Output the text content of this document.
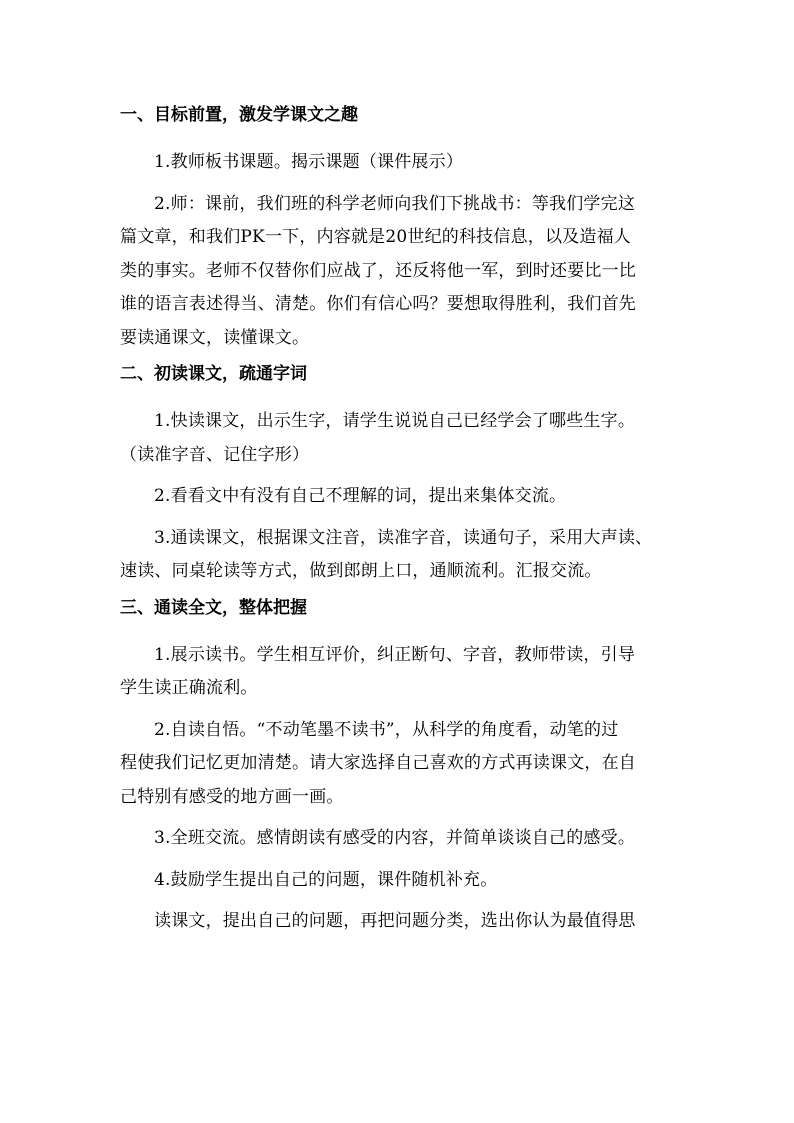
一、目标前置，激发学课文之趣
1.教师板书课题。揭示课题（课件展示）
2.师：课前，我们班的科学老师向我们下挑战书：等我们学完这
篇文章，和我们PK一下，内容就是20世纪的科技信息，以及造福人
类的事实。老师不仅替你们应战了，还反将他一军，到时还要比一比
谁的语言表述得当、清楚。你们有信心吗？要想取得胜利，我们首先
要读通课文，读懂课文。
二、初读课文，疏通字词
1.快读课文，出示生字，请学生说说自己已经学会了哪些生字。
（读准字音、记住字形）
2.看看文中有没有自己不理解的词，提出来集体交流。
3.通读课文，根据课文注音，读准字音，读通句子，采用大声读、
速读、同桌轮读等方式，做到郎朗上口，通顺流利。汇报交流。
三、通读全文，整体把握
1.展示读书。学生相互评价，纠正断句、字音，教师带读，引导
学生读正确流利。
2.自读自悟。“不动笔墨不读书”，从科学的角度看，动笔的过
程使我们记忆更加清楚。请大家选择自己喜欢的方式再读课文，在自
己特别有感受的地方画一画。
3.全班交流。感情朗读有感受的内容，并简单谈谈自己的感受。
4.鼓励学生提出自己的问题，课件随机补充。
读课文，提出自己的问题，再把问题分类，选出你认为最值得思
